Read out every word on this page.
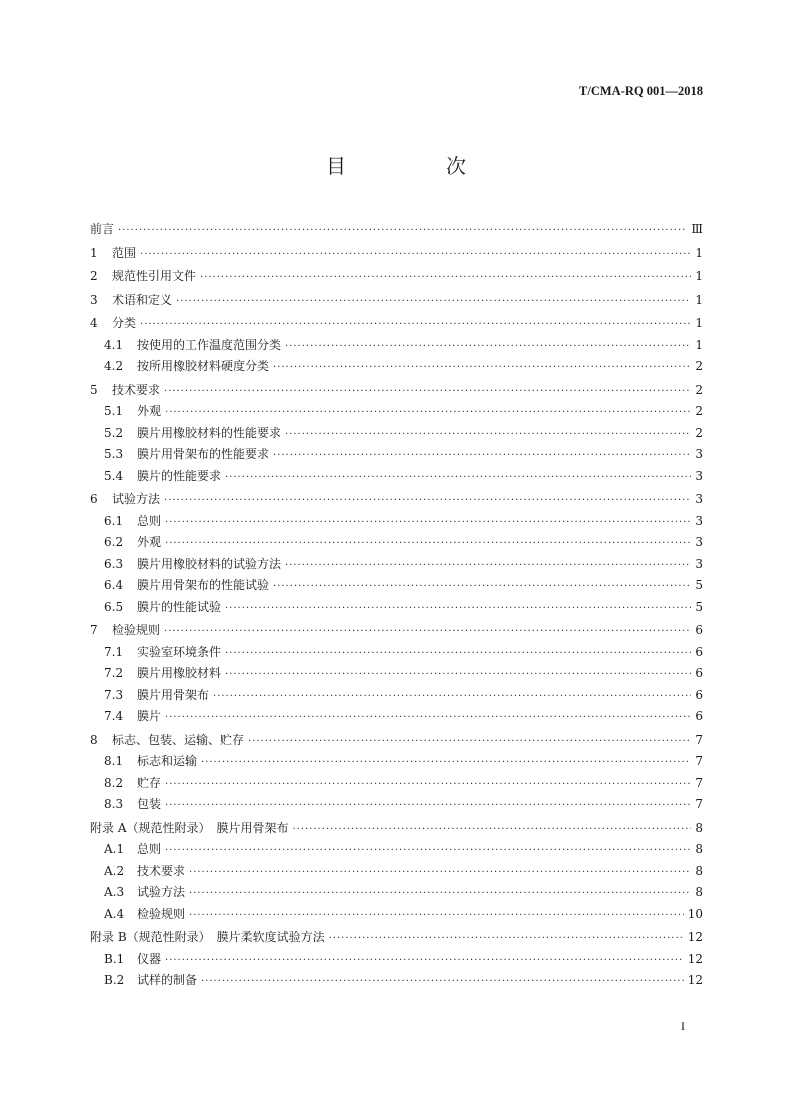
T/CMA-RQ 001—2018
目　次
前言 ·····	Ⅲ
1	范围 ·····	1
2	规范性引用文件 ·····	1
3	术语和定义 ·····	1
4	分类 ·····	1
4.1	按使用的工作温度范围分类 ·····	1
4.2	按所用橡胶材料硬度分类 ·····	2
5	技术要求 ·····	2
5.1	外观 ·····	2
5.2	膜片用橡胶材料的性能要求 ·····	2
5.3	膜片用骨架布的性能要求 ·····	3
5.4	膜片的性能要求 ·····	3
6	试验方法 ·····	3
6.1	总则 ·····	3
6.2	外观 ·····	3
6.3	膜片用橡胶材料的试验方法 ·····	3
6.4	膜片用骨架布的性能试验 ·····	5
6.5	膜片的性能试验 ·····	5
7	检验规则 ·····	6
7.1	实验室环境条件 ·····	6
7.2	膜片用橡胶材料 ·····	6
7.3	膜片用骨架布 ·····	6
7.4	膜片 ·····	6
8	标志、包装、运输、贮存 ·····	7
8.1	标志和运输 ·····	7
8.2	贮存 ·····	7
8.3	包装 ·····	7
附录 A（规范性附录）　膜片用骨架布 ·····	8
A.1	总则 ·····	8
A.2	技术要求 ·····	8
A.3	试验方法 ·····	8
A.4	检验规则 ·····	10
附录 B（规范性附录）　膜片柔软度试验方法 ·····	12
B.1	仪器 ·····	12
B.2	试样的制备 ·····	12
I
